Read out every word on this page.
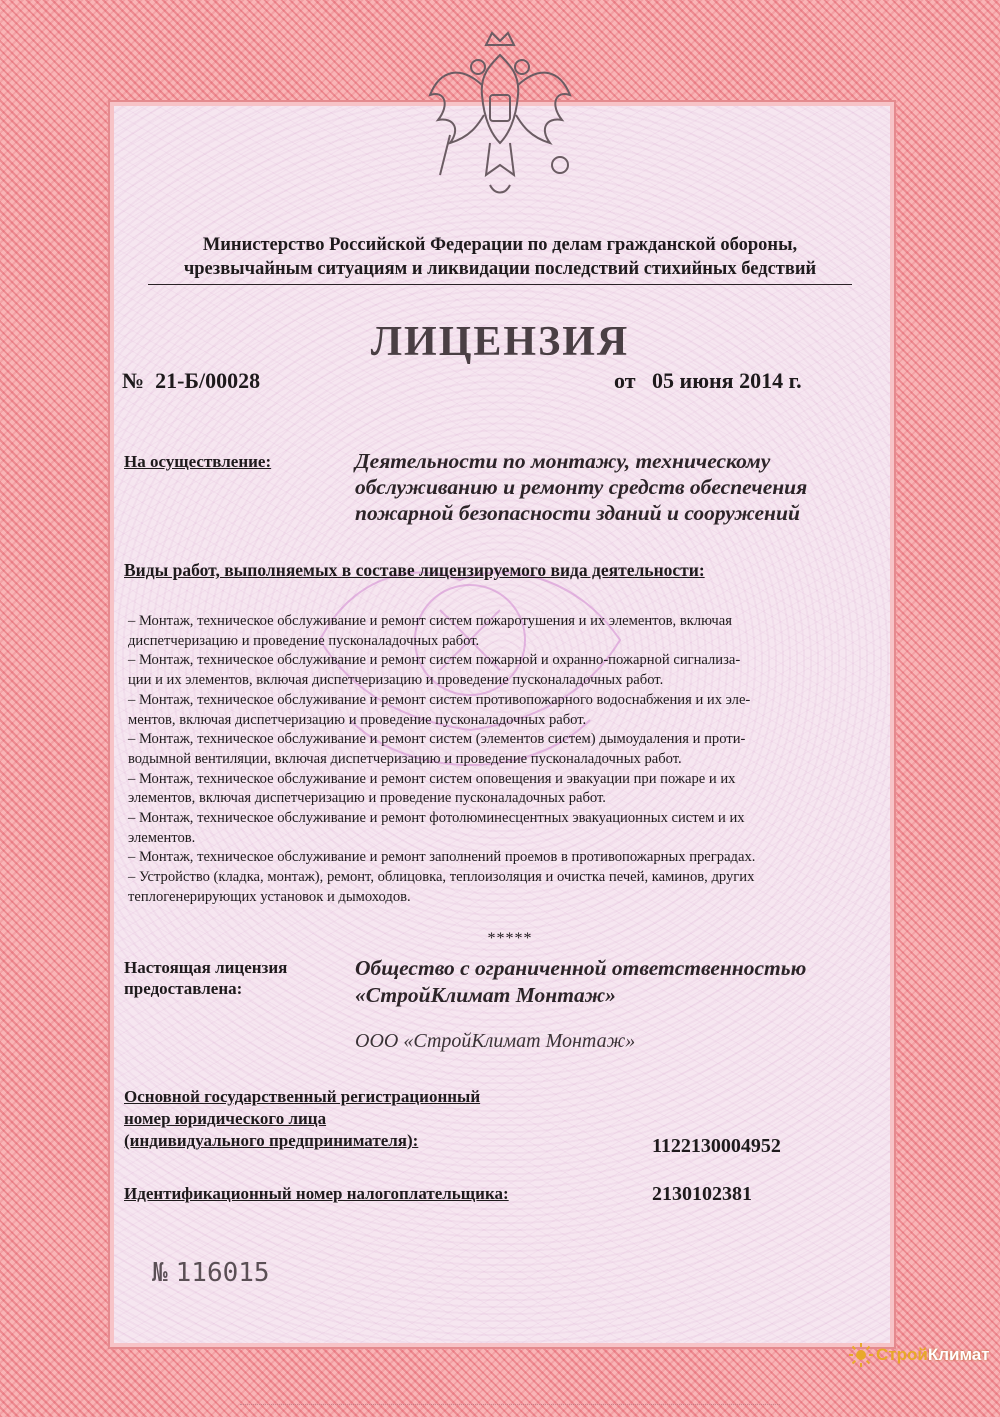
Министерство Российской Федерации по делам гражданской обороны,
чрезвычайным ситуациям и ликвидации последствий стихийных бедствий
ЛИЦЕНЗИЯ
№  21-Б/00028	от   05 июня 2014 г.
На осуществление:	Деятельности по монтажу, техническому
обслуживанию и ремонту средств обеспечения
пожарной безопасности зданий и сооружений
Виды работ, выполняемых в составе лицензируемого вида деятельности:
– Монтаж, техническое обслуживание и ремонт систем пожаротушения и их элементов, включая
диспетчеризацию и проведение пусконаладочных работ.
– Монтаж, техническое обслуживание и ремонт систем пожарной и охранно-пожарной сигнализа-
ции и их элементов, включая диспетчеризацию и проведение пусконаладочных работ.
– Монтаж, техническое обслуживание и ремонт систем противопожарного водоснабжения и их эле-
ментов, включая диспетчеризацию и проведение пусконаладочных работ.
– Монтаж, техническое обслуживание и ремонт систем (элементов систем) дымоудаления и проти-
водымной вентиляции, включая диспетчеризацию и проведение пусконаладочных работ.
– Монтаж, техническое обслуживание и ремонт систем оповещения и эвакуации при пожаре и их
элементов, включая диспетчеризацию и проведение пусконаладочных работ.
– Монтаж, техническое обслуживание и ремонт фотолюминесцентных эвакуационных систем и их
элементов.
– Монтаж, техническое обслуживание и ремонт заполнений проемов в противопожарных преградах.
– Устройство (кладка, монтаж), ремонт, облицовка, теплоизоляция и очистка печей, каминов, других
теплогенерирующих установок и дымоходов.
*****
Настоящая лицензия
предоставлена:
Общество с ограниченной ответственностью
«СтройКлимат Монтаж»
ООО «СтройКлимат Монтаж»
Основной государственный регистрационный
номер юридического лица
(индивидуального предпринимателя):	1122130004952
Идентификационный номер налогоплательщика:	2130102381
№ 116015
СтройКлимат
